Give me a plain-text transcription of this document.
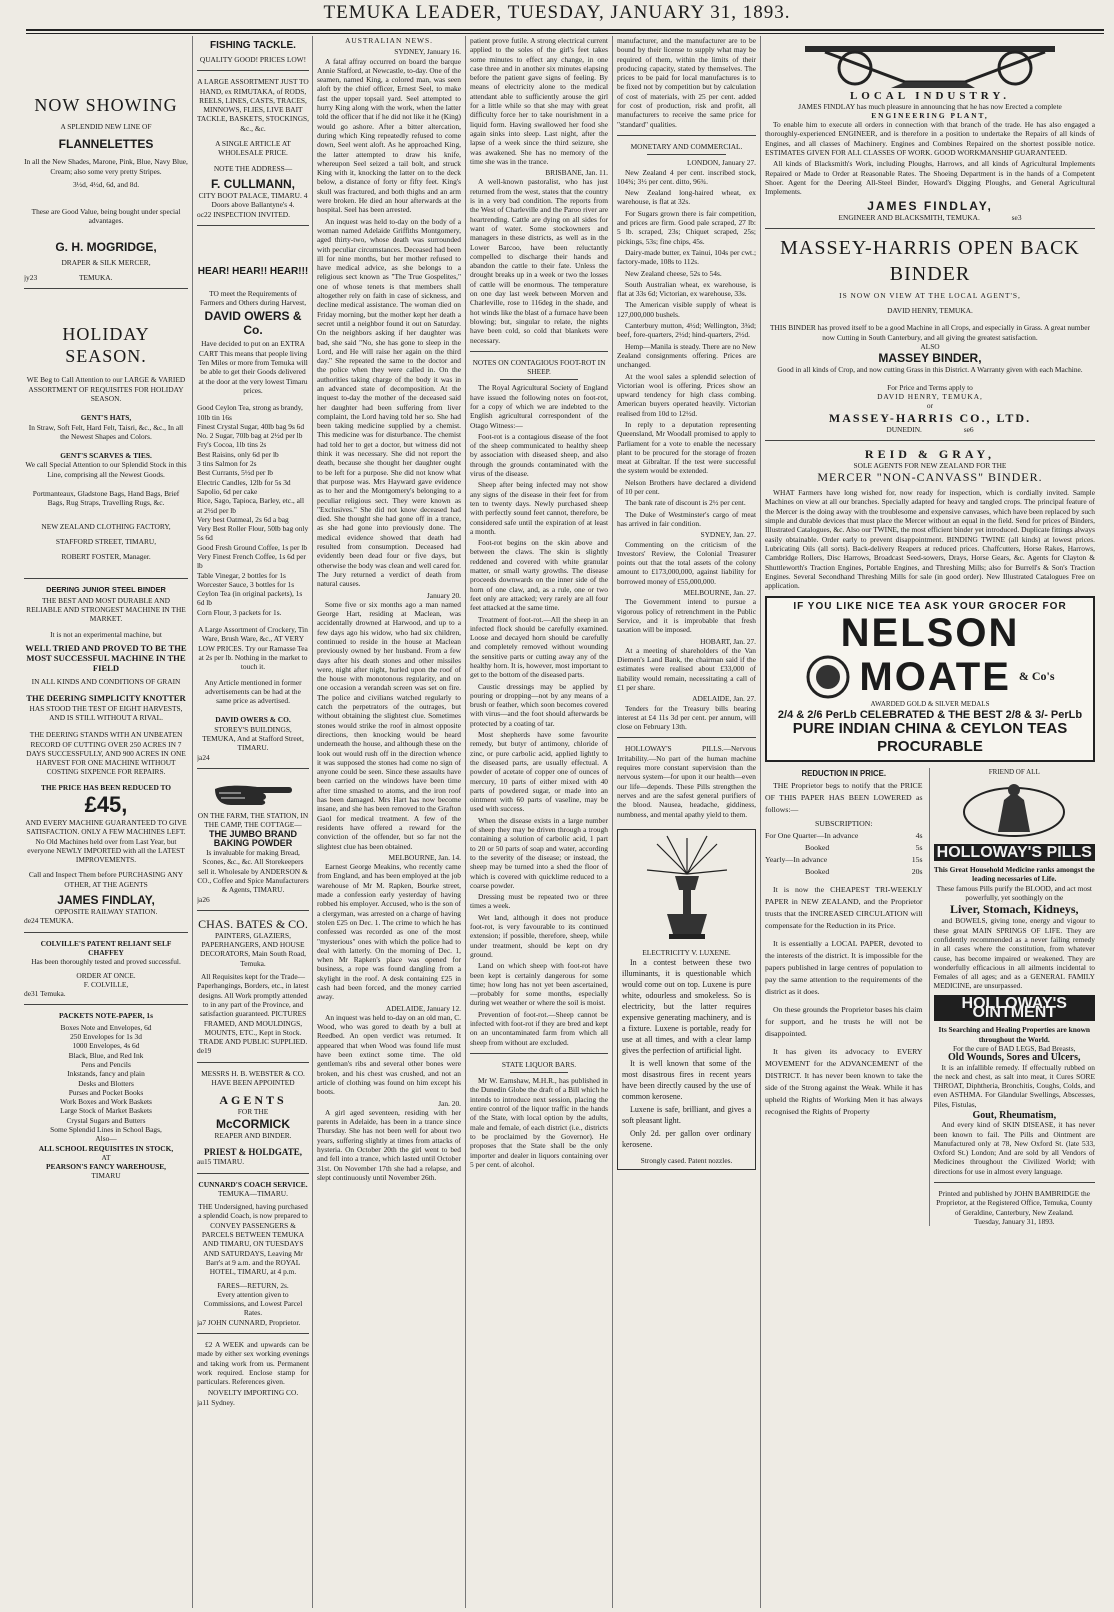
TEMUKA LEADER, TUESDAY, JANUARY 31, 1893.
NOW SHOWING
A SPLENDID NEW LINE OF
FLANNELETTES
In all the New Shades, Marone, Pink, Blue, Navy Blue, Cream; also some very pretty Stripes.
3½d, 4½d, 6d, and 8d.
These are Good Value, being bought under special advantages.
G. H. MOGRIDGE,
DRAPER & SILK MERCER,
jy23	TEMUKA.
HOLIDAY SEASON.
WE Beg to Call Attention to our LARGE & VARIED ASSORTMENT OF REQUISITES FOR HOLIDAY SEASON.
GENT'S HATS,
In Straw, Soft Felt, Hard Felt, Taisri, &c., &c., In all the Newest Shapes and Colors.
GENT'S SCARVES & TIES.
We call Special Attention to our Splendid Stock in this Line, comprising all the Newest Goods.
Portmanteaux, Gladstone Bags, Hand Bags, Brief Bags, Rug Straps, Travelling Rugs, &c.
NEW ZEALAND CLOTHING FACTORY,
STAFFORD STREET, TIMARU,
ROBERT FOSTER, Manager.
DEERING JUNIOR STEEL BINDER
THE BEST AND MOST DURABLE AND RELIABLE AND STRONGEST MACHINE IN THE MARKET.
It is not an experimental machine, but
WELL TRIED AND PROVED TO BE THE MOST SUCCESSFUL MACHINE IN THE FIELD
IN ALL KINDS AND CONDITIONS OF GRAIN
THE DEERING SIMPLICITY KNOTTER
HAS STOOD THE TEST OF EIGHT HARVESTS, AND IS STILL WITHOUT A RIVAL.
THE DEERING STANDS WITH AN UNBEATEN RECORD OF CUTTING OVER 250 ACRES IN 7 DAYS SUCCESSFULLY, AND 900 ACRES IN ONE HARVEST FOR ONE MACHINE WITHOUT COSTING SIXPENCE FOR REPAIRS.
THE PRICE HAS BEEN REDUCED TO
£45,
AND EVERY MACHINE GUARANTEED TO GIVE SATISFACTION. ONLY A FEW MACHINES LEFT. No Old Machines held over from Last Year, but everyone NEWLY IMPORTED with all the LATEST IMPROVEMENTS.
Call and Inspect Them before PURCHASING ANY OTHER, AT THE AGENTS
JAMES FINDLAY,
OPPOSITE RAILWAY STATION.
de24 TEMUKA.
COLVILLE'S PATENT RELIANT SELF CHAFFEY
Has been thoroughly tested and proved successful.
ORDER AT ONCE.
F. COLVILLE,
de31 Temuka.
PACKETS NOTE-PAPER, 1s
Boxes Note and Envelopes, 6d
250 Envelopes for 1s 3d
1000 Envelopes, 4s 6d
Black, Blue, and Red Ink
Pens and Pencils
Inkstands, fancy and plain
Desks and Blotters
Purses and Pocket Books
Work Boxes and Work Baskets
Large Stock of Market Baskets
Crystal Sugars and Butters
Some Splendid Lines in School Bags,
Also—
ALL SCHOOL REQUISITES IN STOCK,
AT
PEARSON'S FANCY WAREHOUSE,
TIMARU
FISHING TACKLE.
QUALITY GOOD! PRICES LOW!
A LARGE ASSORTMENT JUST TO HAND, ex RIMUTAKA, of RODS, REELS, LINES, CASTS, TRACES, MINNOWS, FLIES, LIVE BAIT TACKLE, BASKETS, STOCKINGS, &c., &c.
A SINGLE ARTICLE AT WHOLESALE PRICE.
NOTE THE ADDRESS—
F. CULLMANN,
CITY BOOT PALACE, TIMARU. 4 Doors above Ballantyne's 4.
oc22 INSPECTION INVITED.
HEAR! HEAR!! HEAR!!!
TO meet the Requirements of Farmers and Others during Harvest,
DAVID OWERS & Co.
Have decided to put on an EXTRA CART This means that people living Ten Miles or more from Temuka will be able to get their Goods delivered at the door at the very lowest Timaru prices.
Good Ceylon Tea, strong as brandy, 10lb tin 16s
Finest Crystal Sugar, 40lb bag 9s 6d
No. 2 Sugar, 70lb bag at 2½d per lb
Fry's Cocoa, 1lb tins 2s
Best Raisins, only 6d per lb
3 tins Salmon for 2s
Best Currants, 5½d per lb
Electric Candles, 12lb for 5s 3d
Sapolio, 6d per cake
Rice, Sago, Tapioca, Barley, etc., all at 2½d per lb
Very best Oatmeal, 2s 6d a bag
Very Best Roller Flour, 50lb bag only 5s 6d
Good Fresh Ground Coffee, 1s per lb
Very Finest French Coffee, 1s 6d per lb
Table Vinegar, 2 bottles for 1s
Worcester Sauce, 3 bottles for 1s
Ceylon Tea (in original packets), 1s 6d lb
Corn Flour, 3 packets for 1s.
A Large Assortment of Crockery, Tin Ware, Brush Ware, &c., AT VERY LOW PRICES. Try our Ramasse Tea at 2s per lb. Nothing in the market to touch it.
Any Article mentioned in former advertisements can be had at the same price as advertised.
DAVID OWERS & CO.
STOREY'S BUILDINGS, TEMUKA, And at Stafford Street, TIMARU.
ja24
ON THE FARM, THE STATION, IN THE CAMP, THE COTTAGE—
THE JUMBO BRAND BAKING POWDER
Is invaluable for making Bread, Scones, &c., &c. All Storekeepers sell it. Wholesale by ANDERSON & CO., Coffee and Spice Manufacturers & Agents, TIMARU.
ja26
CHAS. BATES & CO.
PAINTERS, GLAZIERS, PAPERHANGERS, AND HOUSE DECORATORS, Main South Road, Temuka.
All Requisites kept for the Trade—Paperhangings, Borders, etc., in latest designs. All Work promptly attended to in any part of the Province, and satisfaction guaranteed. PICTURES FRAMED, AND MOULDINGS, MOUNTS, ETC., Kept in Stock. TRADE AND PUBLIC SUPPLIED.
de19
MESSRS H. B. WEBSTER & CO. HAVE BEEN APPOINTED
AGENTS
FOR THE
McCORMICK
REAPER AND BINDER.
PRIEST & HOLDGATE,
au15 TIMARU.
CUNNARD'S COACH SERVICE.
TEMUKA—TIMARU.
THE Undersigned, having purchased a splendid Coach, is now prepared to CONVEY PASSENGERS & PARCELS BETWEEN TEMUKA AND TIMARU, ON TUESDAYS AND SATURDAYS, Leaving Mr Barr's at 9 a.m. and the ROYAL HOTEL, TIMARU, at 4 p.m.
FARES—RETURN, 2s.
Every attention given to Commissions, and Lowest Parcel Rates.
ja7 JOHN CUNNARD, Proprietor.
£2 A WEEK and upwards can be made by either sex working evenings and taking work from us. Permanent work required. Enclose stamp for particulars. References given.
NOVELTY IMPORTING CO.
ja11 Sydney.
AUSTRALIAN NEWS.
SYDNEY, January 16.

A fatal affray occurred on board the barque Annie Stafford, at Newcastle, to-day. One of the seamen, named King, a colored man, was seen aloft by the chief officer, Ernest Seel, to make fast the upper topsail yard. Seel attempted to hurry King along with the work, when the latter told the officer that if he did not like it he (King) would go ashore. After a bitter altercation, during which King repeatedly refused to come down, Seel went aloft. As he approached King, the latter attempted to draw his knife, whereupon Seel seized a tail bolt, and struck King with it, knocking the latter on to the deck below, a distance of forty or fifty feet. King's skull was fractured, and both thighs and an arm were broken. He died an hour afterwards at the hospital. Seel has been arrested.

An inquest was held to-day on the body of a woman named Adelaide Griffiths Montgomery, aged thirty-two, whose death was surrounded with peculiar circumstances. Deceased had been ill for nine months, but her mother refused to have medical advice, as she belongs to a religious sect known as "The True Gospelites," one of whose tenets is that members shall altogether rely on faith in case of sickness, and decline medical assistance. The woman died on Friday morning, but the mother kept her death a secret until a neighbor found it out on Saturday. On the neighbors asking if her daughter was bad, she said "No, she has gone to sleep in the Lord, and He will raise her again on the third day." She repeated the same to the doctor and the police when they were called in. On the authorities taking charge of the body it was in an advanced state of decomposition. At the inquest to-day the mother of the deceased said her daughter had been suffering from liver complaint, the Lord having told her so. She had been taking medicine supplied by a chemist. This medicine was for disturbance. The chemist had told her to get a doctor, but witness did not think it was necessary. She did not report the death, because she thought her daughter ought to be left for a purpose. She did not know what that purpose was. Mrs Hayward gave evidence as to her and the Montgomery's belonging to a peculiar religious sect. They were known as "Exclusives." She did not know deceased had died. She thought she had gone off in a trance, as she had gone into previously done. The medical evidence showed that death had resulted from consumption. Deceased had evidently been dead four or five days, but otherwise the body was clean and well cared for. The Jury returned a verdict of death from natural causes.

January 20.

Some five or six months ago a man named George Hart, residing at Maclean, was accidentally drowned at Harwood, and up to a few days ago his widow, who had six children, continued to reside in the house at Maclean previously owned by her husband. From a few days after his death stones and other missiles were, night after night, hurled upon the roof of the house with monotonous regularity, and on one occasion a verandah screen was set on fire. The police and civilians watched regularly to catch the perpetrators of the outrages, but without obtaining the slightest clue. Sometimes stones would strike the roof in almost opposite directions, then knocking would be heard underneath the house, and although these on the look out would rush off in the direction whence it was supposed the stones had come no sign of anyone could be seen. Since these assaults have been carried on the windows have been time after time smashed to atoms, and the iron roof has been damaged. Mrs Hart has now become insane, and she has been removed to the Grafton Gaol for medical treatment. A few of the residents have offered a reward for the conviction of the offender, but so far not the slightest clue has been obtained.

MELBOURNE, Jan. 14.

Earnest George Meakins, who recently came from England, and has been employed at the job warehouse of Mr M. Rapken, Bourke street, made a confession early yesterday of having robbed his employer. Accused, who is the son of a clergyman, was arrested on a charge of having stolen £25 on Dec. 1. The crime to which he has confessed was recorded as one of the most "mysterious" ones with which the police had to deal with latterly. On the morning of Dec. 1, when Mr Rapken's place was opened for business, a rope was found dangling from a skylight in the roof. A desk containing £25 in cash had been forced, and the money carried away.

ADELAIDE, January 12.

An inquest was held to-day on an old man, C. Wood, who was gored to death by a bull at Reedbed. An open verdict was returned. It appeared that when Wood was found life must have been extinct some time. The old gentleman's ribs and several other bones were broken, and his chest was crushed, and not an article of clothing was found on him except his boots.

Jan. 20.

A girl aged seventeen, residing with her parents in Adelaide, has been in a trance since Thursday. She has not been well for about two years, suffering slightly at times from attacks of hysteria. On October 20th the girl went to bed and fell into a trance, which lasted until October 31st. On November 17th she had a relapse, and slept continuously until November 26th.

patient prove futile. A strong electrical current applied to the soles of the girl's feet takes some minutes to effect any change, in one case three and in another six minutes elapsing before the patient gave signs of feeling. By means of electricity alone to the medical attendant able to sufficiently arouse the girl for a little while so that she may with great difficulty force her to take nourishment in a liquid form. Having swallowed her food she again sinks into sleep. Last night, after the lapse of a week since the third seizure, she was awakened. She has no memory of the time she was in the trance.

BRISBANE, Jan. 11.

A well-known pastoralist, who has just returned from the west, states that the country is in a very bad condition. The reports from the West of Charleville and the Paroo river are heartrending. Cattle are dying on all sides for want of water. Some stockowners and managers in these districts, as well as in the Lower Barcoo, have been reluctantly compelled to discharge their hands and abandon the cattle to their fate. Unless the drought breaks up in a week or two the losses of cattle will be enormous. The temperature on one day last week between Morven and Charleville, rose to 116deg in the shade, and hot winds like the blast of a furnace have been blowing; but, singular to relate, the nights have been cold, so cold that blankets were necessary.

NOTES ON CONTAGIOUS FOOT-ROT IN SHEEP.

The Royal Agricultural Society of England have issued the following notes on foot-rot, for a copy of which we are indebted to the English agricultural correspondent of the Otago Witness:—

Foot-rot is a contagious disease of the foot of the sheep communicated to healthy sheep by association with diseased sheep, and also through the grounds contaminated with the virus of the disease.

Sheep after being infected may not show any signs of the disease in their feet for from ten to twenty days. Newly purchased sheep with perfectly sound feet cannot, therefore, be considered safe until the expiration of at least a month.

Foot-rot begins on the skin above and between the claws. The skin is slightly reddened and covered with white granular matter, or small warty growths. The disease proceeds downwards on the inner side of the horn of one claw, and, as a rule, one or two feet only are attacked; very rarely are all four feet attacked at the same time.

Treatment of foot-rot.—All the sheep in an infected flock should be carefully examined. Loose and decayed horn should be carefully and completely removed without wounding the sensitive parts or cutting away any of the healthy horn. It is, however, most important to get to the bottom of the diseased parts.

Caustic dressings may be applied by pouring or dropping—not by any means of a brush or feather, which soon becomes covered with virus—and the foot should afterwards be protected by a coating of tar.

Most shepherds have some favourite remedy, but butyr of antimony, chloride of zinc, or pure carbolic acid, applied lightly to the diseased parts, are usually effectual. A powder of acetate of copper one of ounces of mercury, 10 parts of either mixed with 40 parts of powdered sugar, or made into an ointment with 60 parts of vaseline, may be used with success.

When the disease exists in a large number of sheep they may be driven through a trough containing a solution of carbolic acid, 1 part to 20 or 50 parts of soap and water, according to the severity of the disease; or instead, the sheep may be turned into a shed the floor of which is covered with quicklime reduced to a coarse powder.

Dressing must be repeated two or three times a week.

Wet land, although it does not produce foot-rot, is very favourable to its continued extension; if possible, therefore, sheep, while under treatment, should be kept on dry ground.

Land on which sheep with foot-rot have been kept is certainly dangerous for some time; how long has not yet been ascertained,—probably for some months, especially during wet weather or where the soil is moist.

Prevention of foot-rot.—Sheep cannot be infected with foot-rot if they are bred and kept on an uncontaminated farm from which all sheep from without are excluded.

STATE LIQUOR BARS.

Mr W. Earnshaw, M.H.R., has published in the Dunedin Globe the draft of a Bill which he intends to introduce next session, placing the entire control of the liquor traffic in the hands of the State, with local option by the adults, male and female, of each district (i.e., districts to be proclaimed by the Governor). He proposes that the State shall be the only importer and dealer in liquors containing over 5 per cent. of alcohol.

manufacturer, and the manufacturer are to be bound by their license to supply what may be required of them, within the limits of their producing capacity, stated by themselves. The prices to be paid for local manufactures is to be fixed not by competition but by calculation of cost of materials, with 25 per cent. added for cost of production, risk and profit, all manufacturers to receive the same price for "standard" qualities.

MONETARY AND COMMERCIAL.
LONDON, January 27.

New Zealand 4 per cent. inscribed stock, 104¾; 3½ per cent. ditto, 96¾.

New Zealand long-haired wheat, ex warehouse, is flat at 32s.

For Sugars grown there is fair competition, and prices are firm. Good pale scraped, 27 lb: 5 lb. scraped, 23s; Chiquet scraped, 25s; pickings, 53s; fine chips, 45s.

Dairy-made butter, ex Tainui, 104s per cwt.; factory-made, 108s to 112s.

New Zealand cheese, 52s to 54s.

South Australian wheat, ex warehouse, is flat at 33s 6d; Victorian, ex warehouse, 33s.

The American visible supply of wheat is 127,000,000 bushels.

Canterbury mutton, 4½d; Wellington, 3¾d; beef, fore-quarters, 2½d; hind-quarters, 2½d.

Hemp—Manila is steady. There are no New Zealand consignments offering. Prices are unchanged.

At the wool sales a splendid selection of Victorian wool is offering. Prices show an upward tendency for high class combing. American buyers operated heavily. Victorian realised from 10d to 12½d.

In reply to a deputation representing Queensland, Mr Woodall promised to apply to Parliament for a vote to enable the necessary plant to be procured for the storage of frozen meat at Gibraltar. If the test were successful the system would be extended.

Nelson Brothers have declared a dividend of 10 per cent.

The bank rate of discount is 2½ per cent.

The Duke of Westminster's cargo of meat has arrived in fair condition.

SYDNEY, Jan. 27.

Commenting on the criticism of the Investors' Review, the Colonial Treasurer points out that the total assets of the colony amount to £173,000,000, against liability for borrowed money of £55,000,000.

MELBOURNE, Jan. 27.

The Government intend to pursue a vigorous policy of retrenchment in the Public Service, and it is improbable that fresh taxation will be imposed.

HOBART, Jan. 27.

At a meeting of shareholders of the Van Diemen's Land Bank, the chairman said if the estimates were realised about £33,000 of liability would remain, necessitating a call of £1 per share.

ADELAIDE, Jan. 27.

Tenders for the Treasury bills bearing interest at £4 11s 3d per cent. per annum, will close on February 13th.

HOLLOWAY'S PILLS.—Nervous Irritability.—No part of the human machine requires more constant supervision than the nervous system—for upon it our health—even our life—depends. These Pills strengthen the nerves and are the safest general purifiers of the blood. Nausea, headache, giddiness, numbness, and mental apathy yield to them.

ELECTRICITY V. LUXENE.

In a contest between these two illuminants, it is questionable which would come out on top. Luxene is pure white, odourless and smokeless. So is electricity, but the latter requires expensive generating machinery, and is a fixture. Luxene is portable, ready for use at all times, and with a clear lamp gives the perfection of artificial light.

It is well known that some of the most disastrous fires in recent years have been directly caused by the use of common kerosene.

Luxene is safe, brilliant, and gives a soft pleasant light.

Only 2d. per gallon over ordinary kerosene.

Strongly cased. Patent nozzles.
LOCAL INDUSTRY.
JAMES FINDLAY has much pleasure in announcing that he has now Erected a complete
ENGINEERING PLANT,
To enable him to execute all orders in connection with that branch of the trade. He has also engaged a thoroughly-experienced ENGINEER, and is therefore in a position to undertake the Repairs of all kinds of Engines, and all classes of Machinery. Engines and Combines Repaired on the shortest possible notice. ESTIMATES GIVEN FOR ALL CLASSES OF WORK. GOOD WORKMANSHIP GUARANTEED.
All kinds of Blacksmith's Work, including Ploughs, Harrows, and all kinds of Agricultural Implements Repaired or Made to Order at Reasonable Rates. The Shoeing Department is in the hands of a Competent Shoer. Agent for the Deering All-Steel Binder, Howard's Digging Ploughs, and General Agricultural Implements.
JAMES FINDLAY,
ENGINEER AND BLACKSMITH, TEMUKA.	se3
MASSEY-HARRIS OPEN BACK BINDER
IS NOW ON VIEW AT THE LOCAL AGENT'S,
DAVID HENRY, TEMUKA.
THIS BINDER has proved itself to be a good Machine in all Crops, and especially in Grass. A great number now Cutting in South Canterbury, and all giving the greatest satisfaction.
ALSO
MASSEY BINDER,
Good in all kinds of Crop, and now cutting Grass in this District. A Warranty given with each Machine.
For Price and Terms apply to
DAVID HENRY, TEMUKA,
or
MASSEY-HARRIS CO., LTD.
DUNEDIN.	se6
REID & GRAY,
SOLE AGENTS FOR NEW ZEALAND FOR THE
MERCER "NON-CANVASS" BINDER.
WHAT Farmers have long wished for, now ready for inspection, which is cordially invited. Sample Machines on view at all our branches. Specially adapted for heavy and tangled crops. The principal feature of the Mercer is the doing away with the troublesome and expensive canvases, which have been replaced by such simple and durable devices that must place the Mercer without an equal in the field. Send for prices of Binders, Illustrated Catalogues, &c. Also our TWINE, the most efficient binder yet introduced. Duplicate fittings always easily obtainable. Order early to prevent disappointment. BINDING TWINE (all kinds) at lowest prices. Lubricating Oils (all sorts). Back-delivery Reapers at reduced prices. Chaffcutters, Horse Rakes, Harrows, Cambridge Rollers, Disc Harrows, Broadcast Seed-sowers, Drays, Horse Gears, &c. Agents for Clayton & Shuttleworth's Traction Engines, Portable Engines, and Threshing Mills; also for Burrell's & Son's Traction Engines. Several Secondhand Threshing Mills for sale (in good order). New Illustrated Catalogues Free on application.
IF YOU LIKE NICE TEA ASK YOUR GROCER FOR
NELSON
MOATE & Co's
AWARDED GOLD & SILVER MEDALS
2/4 & 2/6 PerLb CELEBRATED & THE BEST 2/8 & 3/- PerLb
PURE INDIAN CHINA & CEYLON TEAS
PROCURABLE
REDUCTION IN PRICE.
THE Proprietor begs to notify that the PRICE OF THIS PAPER HAS BEEN LOWERED as follows:—
SUBSCRIPTION:
For One Quarter—In advance	4s
Booked	5s
Yearly—In advance	15s
Booked	20s
It is now the CHEAPEST TRI-WEEKLY PAPER in NEW ZEALAND, and the Proprietor trusts that the INCREASED CIRCULATION will compensate for the Reduction in its Price.
It is essentially a LOCAL PAPER, devoted to the interests of the district. It is impossible for the papers published in large centres of population to pay the same attention to the requirements of the district as it does.
On these grounds the Proprietor bases his claim for support, and he trusts he will not be disappointed.
It has given its advocacy to EVERY MOVEMENT for the ADVANCEMENT of the DISTRICT. It has never been known to take the side of the Strong against the Weak. While it has upheld the Rights of Working Men it has always recognised the Rights of Property
FRIEND OF ALL
HOLLOWAY'S PILLS
This Great Household Medicine ranks amongst the leading necessaries of Life.
These famous Pills purify the BLOOD, and act most powerfully, yet soothingly on the
Liver, Stomach, Kidneys,
and BOWELS, giving tone, energy and vigour to these great MAIN SPRINGS OF LIFE. They are confidently recommended as a never failing remedy in all cases where the constitution, from whatever cause, has become impaired or weakened. They are wonderfully efficacious in all ailments incidental to Females of all ages; and as a GENERAL FAMILY MEDICINE, are unsurpassed.
HOLLOWAY'S OINTMENT
Its Searching and Healing Properties are known throughout the World.
For the cure of BAD LEGS, Bad Breasts,
Old Wounds, Sores and Ulcers,
It is an infallible remedy. If effectually rubbed on the neck and chest, as salt into meat, it Cures SORE THROAT, Diphtheria, Bronchitis, Coughs, Colds, and even ASTHMA. For Glandular Swellings, Abscesses, Piles, Fistulas,
Gout, Rheumatism,
And every kind of SKIN DISEASE, it has never been known to fail. The Pills and Ointment are Manufactured only at 78, New Oxford St. (late 533, Oxford St.) London; And are sold by all Vendors of Medicines throughout the Civilized World; with directions for use in almost every language.
Printed and published by JOHN BAMBRIDGE the Proprietor, at the Registered Office, Temuka, County of Geraldine, Canterbury, New Zealand.
Tuesday, January 31, 1893.
